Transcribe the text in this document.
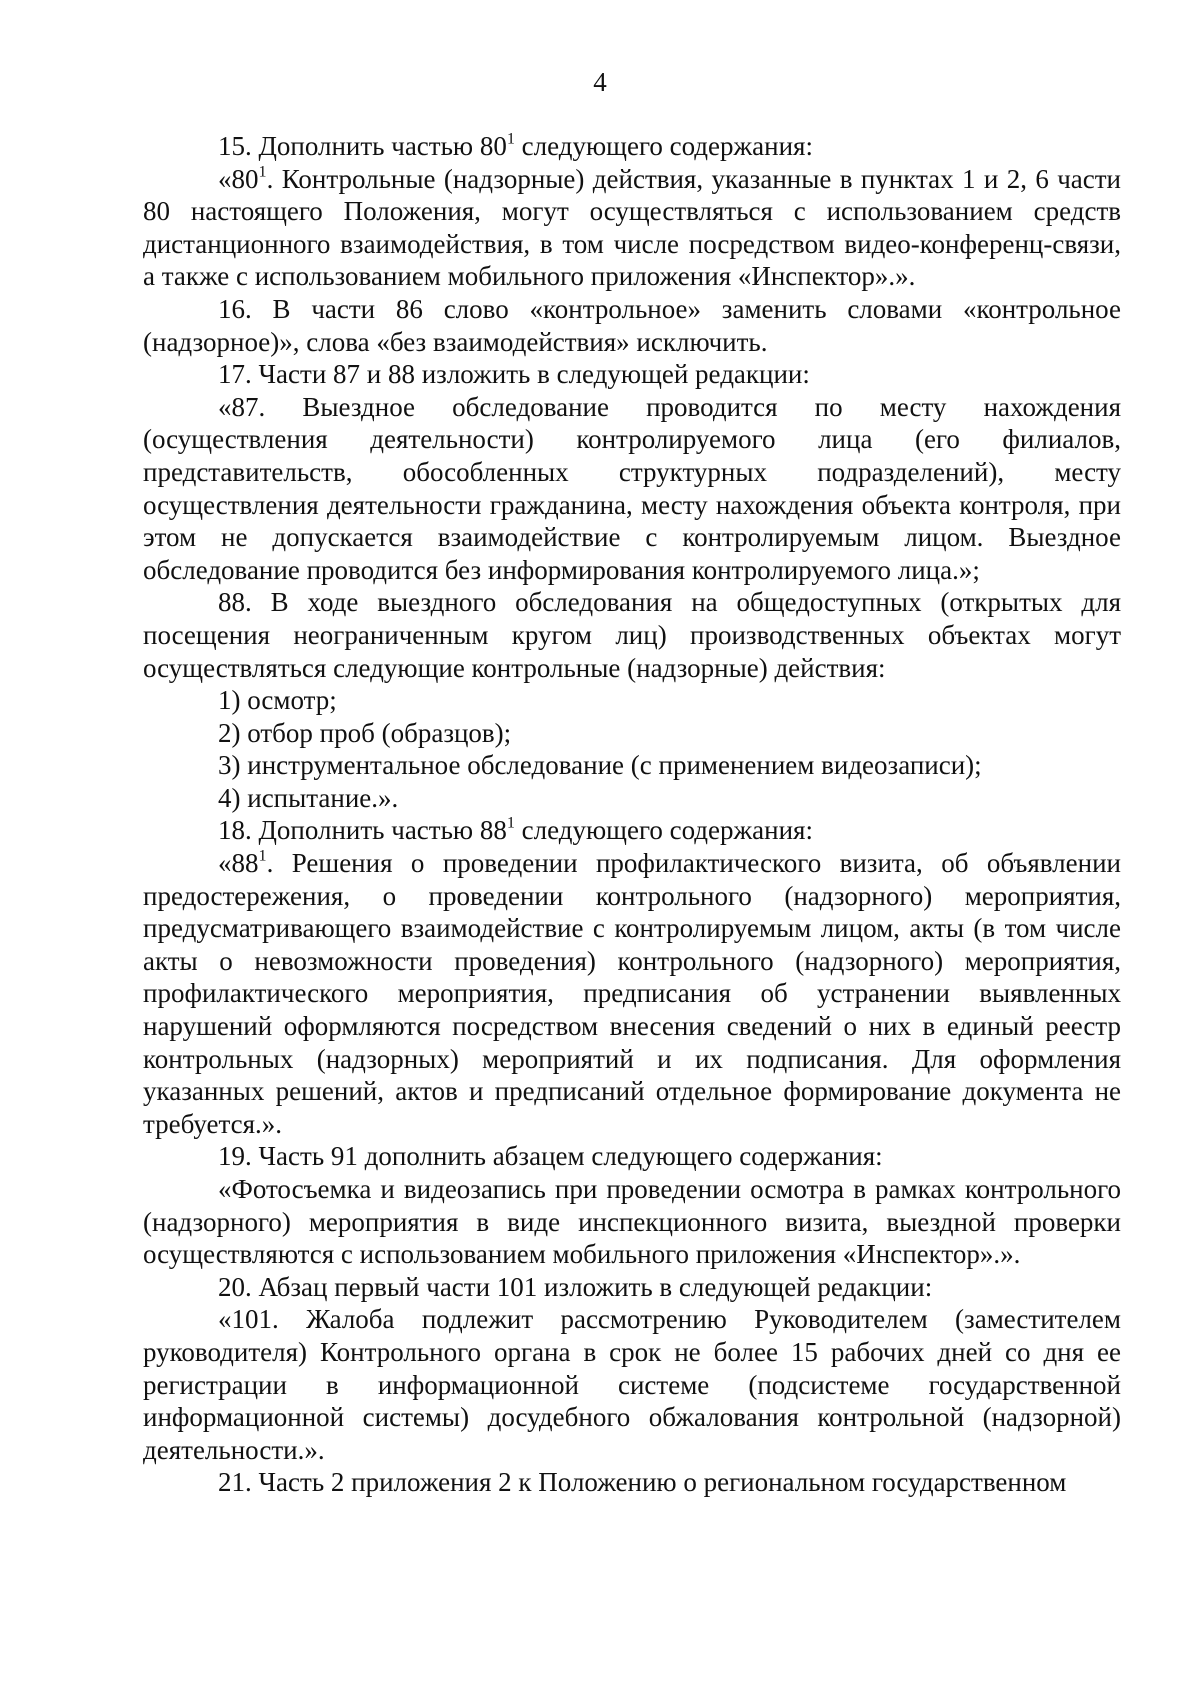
4

15. Дополнить частью $80^1$ следующего содержания:

«$80^1$. Контрольные (надзорные) действия, указанные в пунктах 1 и 2, 6 части 80 настоящего Положения, могут осуществляться с использованием средств дистанционного взаимодействия, в том числе посредством видео-конференц-связи, а также с использованием мобильного приложения «Инспектор».».

16. В части 86 слово «контрольное» заменить словами «контрольное (надзорное)», слова «без взаимодействия» исключить.

17. Части 87 и 88 изложить в следующей редакции:

«87. Выездное обследование проводится по месту нахождения (осуществления деятельности) контролируемого лица (его филиалов, представительств, обособленных структурных подразделений), месту осуществления деятельности гражданина, месту нахождения объекта контроля, при этом не допускается взаимодействие с контролируемым лицом. Выездное обследование проводится без информирования контролируемого лица.»;

88. В ходе выездного обследования на общедоступных (открытых для посещения неограниченным кругом лиц) производственных объектах могут осуществляться следующие контрольные (надзорные) действия:

1) осмотр;

2) отбор проб (образцов);

3) инструментальное обследование (с применением видеозаписи);

4) испытание.».

18. Дополнить частью $88^1$ следующего содержания:

«$88^1$. Решения о проведении профилактического визита, об объявлении предостережения, о проведении контрольного (надзорного) мероприятия, предусматривающего взаимодействие с контролируемым лицом, акты (в том числе акты о невозможности проведения) контрольного (надзорного) мероприятия, профилактического мероприятия, предписания об устранении выявленных нарушений оформляются посредством внесения сведений о них в единый реестр контрольных (надзорных) мероприятий и их подписания. Для оформления указанных решений, актов и предписаний отдельное формирование документа не требуется.».

19. Часть 91 дополнить абзацем следующего содержания:

«Фотосъемка и видеозапись при проведении осмотра в рамках контрольного (надзорного) мероприятия в виде инспекционного визита, выездной проверки осуществляются с использованием мобильного приложения «Инспектор».».

20. Абзац первый части 101 изложить в следующей редакции:

«101. Жалоба подлежит рассмотрению Руководителем (заместителем руководителя) Контрольного органа в срок не более 15 рабочих дней со дня ее регистрации в информационной системе (подсистеме государственной информационной системы) досудебного обжалования контрольной (надзорной) деятельности.».

21. Часть 2 приложения 2 к Положению о региональном государственном
